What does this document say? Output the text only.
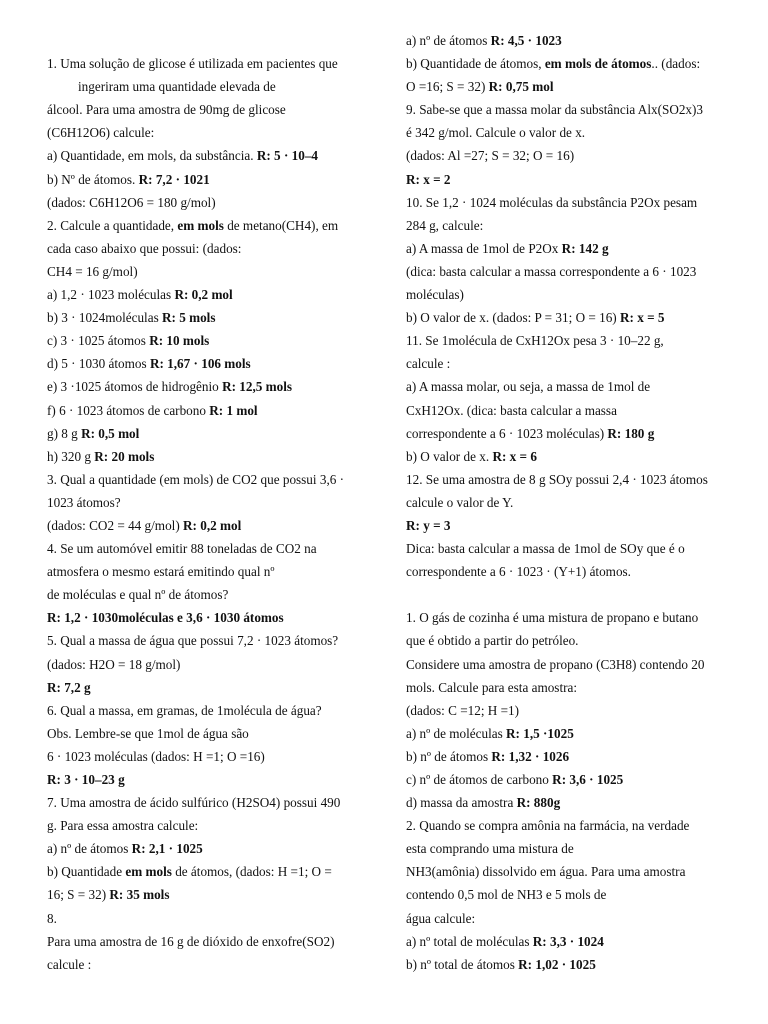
1. Uma solução de glicose é utilizada em pacientes que
ingeriram uma quantidade elevada de
álcool. Para uma amostra de 90mg de glicose
(C6H12O6) calcule:
a) Quantidade, em mols, da substância. R: 5 · 10–4
b) Nº de átomos. R: 7,2 · 1021
(dados: C6H12O6 = 180 g/mol)
2. Calcule a quantidade, em mols de metano(CH4), em
cada caso abaixo que possui: (dados:
CH4 = 16 g/mol)
a) 1,2 · 1023 moléculas R: 0,2 mol
b) 3 · 1024moléculas R: 5 mols
c) 3 · 1025 átomos R: 10 mols
d) 5 · 1030 átomos R: 1,67 · 106 mols
e) 3 ·1025 átomos de hidrogênio R: 12,5 mols
f) 6 · 1023 átomos de carbono R: 1 mol
g) 8 g R: 0,5 mol
h) 320 g R: 20 mols
3. Qual a quantidade (em mols) de CO2 que possui 3,6 ·
1023 átomos?
(dados: CO2 = 44 g/mol) R: 0,2 mol
4. Se um automóvel emitir 88 toneladas de CO2 na
atmosfera o mesmo estará emitindo qual nº
de moléculas e qual nº de átomos?
R: 1,2 · 1030moléculas e 3,6 · 1030 átomos
5. Qual a massa de água que possui 7,2 · 1023 átomos?
(dados: H2O = 18 g/mol)
R: 7,2 g
6. Qual a massa, em gramas, de 1molécula de água?
Obs. Lembre-se que 1mol de água são
6 · 1023 moléculas (dados: H =1; O =16)
R: 3 · 10–23 g
7. Uma amostra de ácido sulfúrico (H2SO4) possui 490
g. Para essa amostra calcule:
a) nº de átomos R: 2,1 · 1025
b) Quantidade em mols de átomos, (dados: H =1; O =
16; S = 32) R: 35 mols
8.
Para uma amostra de 16 g de dióxido de enxofre(SO2)
calcule :
a) nº de átomos R: 4,5 · 1023
b) Quantidade de átomos, em mols de átomos.. (dados:
O =16; S = 32) R: 0,75 mol
9. Sabe-se que a massa molar da substância Alx(SO2x)3
é 342 g/mol. Calcule o valor de x.
(dados: Al =27; S = 32; O = 16)
R: x = 2
10. Se 1,2 · 1024 moléculas da substância P2Ox pesam
284 g, calcule:
a) A massa de 1mol de P2Ox R: 142 g
(dica: basta calcular a massa correspondente a 6 · 1023
moléculas)
b) O valor de x. (dados: P = 31; O = 16) R: x = 5
11. Se 1molécula de CxH12Ox pesa 3 · 10–22 g,
calcule :
a) A massa molar, ou seja, a massa de 1mol de
CxH12Ox. (dica: basta calcular a massa
correspondente a 6 · 1023 moléculas) R: 180 g
b) O valor de x. R: x = 6
12. Se uma amostra de 8 g SOy possui 2,4 · 1023 átomos
calcule o valor de Y.
R: y = 3
Dica: basta calcular a massa de 1mol de SOy que é o
correspondente a 6 · 1023 · (Y+1) átomos.
1. O gás de cozinha é uma mistura de propano e butano
que é obtido a partir do petróleo.
Considere uma amostra de propano (C3H8) contendo 20
mols. Calcule para esta amostra:
(dados: C =12; H =1)
a) nº de moléculas R: 1,5 ·1025
b) nº de átomos R: 1,32 · 1026
c) nº de átomos de carbono R: 3,6 · 1025
d) massa da amostra R: 880g
2. Quando se compra amônia na farmácia, na verdade
esta comprando uma mistura de
NH3(amônia) dissolvido em água. Para uma amostra
contendo 0,5 mol de NH3 e 5 mols de
água calcule:
a) nº total de moléculas R: 3,3 · 1024
b) nº total de átomos R: 1,02 · 1025
